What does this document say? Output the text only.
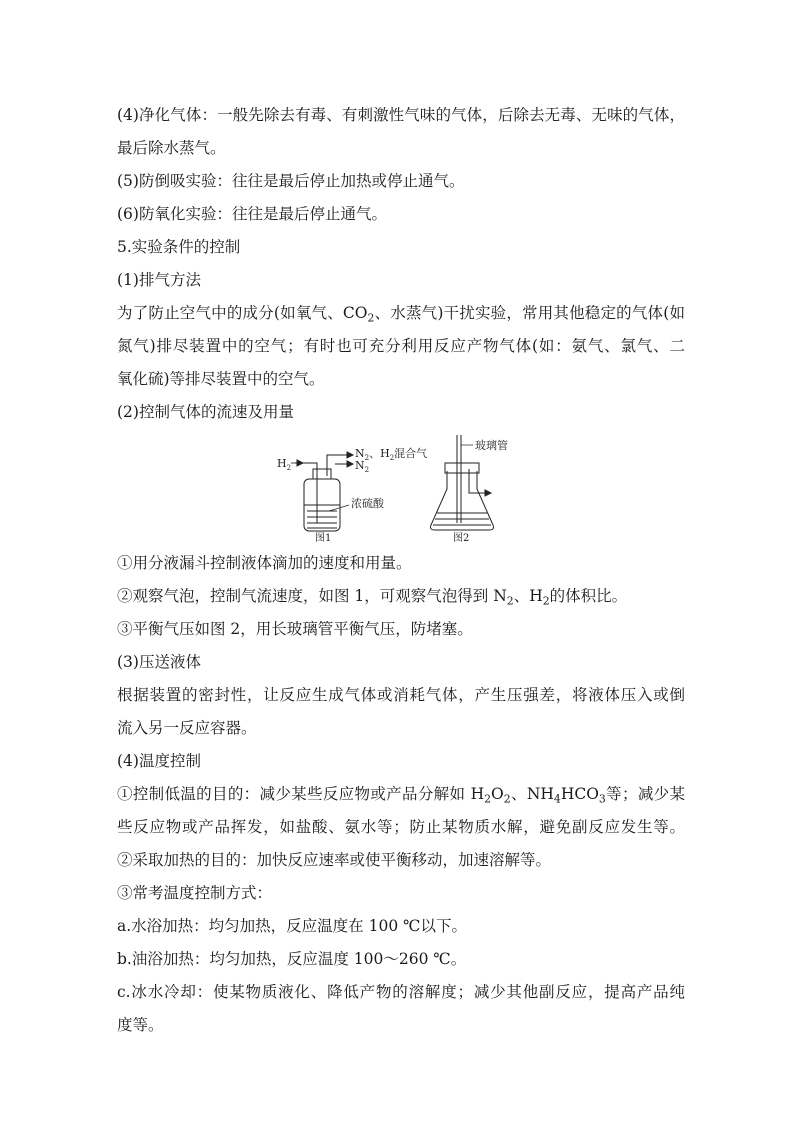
(4)净化气体：一般先除去有毒、有刺激性气味的气体，后除去无毒、无味的气体，
最后除水蒸气。
(5)防倒吸实验：往往是最后停止加热或停止通气。
(6)防氧化实验：往往是最后停止通气。
5.实验条件的控制
(1)排气方法
为了防止空气中的成分(如氧气、$CO_2$、水蒸气)干扰实验，常用其他稳定的气体(如
氮气)排尽装置中的空气；有时也可充分利用反应产物气体(如：氨气、氯气、二
氧化硫)等排尽装置中的空气。
(2)控制气体的流速及用量
$H_2$
$N_2$、$H_2$混合气
$N_2$
浓硫酸
图1
玻璃管
图2
①用分液漏斗控制液体滴加的速度和用量。
②观察气泡，控制气流速度，如图 1，可观察气泡得到 $N_2$、$H_2$的体积比。
③平衡气压如图 2，用长玻璃管平衡气压，防堵塞。
(3)压送液体
根据装置的密封性，让反应生成气体或消耗气体，产生压强差，将液体压入或倒
流入另一反应容器。
(4)温度控制
①控制低温的目的：减少某些反应物或产品分解如 $H_2O_2$、$NH_4HCO_3$等；减少某
些反应物或产品挥发，如盐酸、氨水等；防止某物质水解，避免副反应发生等。
②采取加热的目的：加快反应速率或使平衡移动，加速溶解等。
③常考温度控制方式：
a.水浴加热：均匀加热，反应温度在 100 ℃以下。
b.油浴加热：均匀加热，反应温度 100～260 ℃。
c.冰水冷却：使某物质液化、降低产物的溶解度；减少其他副反应，提高产品纯
度等。
